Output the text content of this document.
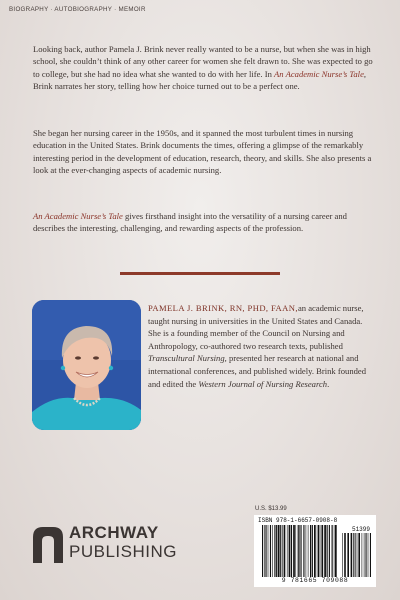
BIOGRAPHY · AUTOBIOGRAPHY · MEMOIR

Looking back, author Pamela J. Brink never really wanted to be a nurse, but when she was in high school, she couldn’t think of any other career for women she felt drawn to. She was expected to go to college, but she had no idea what she wanted to do with her life. In An Academic Nurse’s Tale, Brink narrates her story, telling how her choice turned out to be a perfect one.

She began her nursing career in the 1950s, and it spanned the most turbulent times in nursing education in the United States. Brink documents the times, offering a glimpse of the remarkably interesting period in the development of education, research, theory, and skills. She also presents a look at the ever-changing aspects of academic nursing.

An Academic Nurse’s Tale gives firsthand insight into the versatility of a nursing career and describes the interesting, challenging, and rewarding aspects of the profession.

PAMELA J. BRINK, RN, PHD, FAAN,an academic nurse, taught nursing in universities in the United States and Canada. She is a founding member of the Council on Nursing and Anthropology, co-authored two research texts, published Transcultural Nursing, presented her research at national and international conferences, and published widely. Brink founded and edited the Western Journal of Nursing Research.

ARCHWAY
PUBLISHING
U.S. $13.99
ISBN 978-1-6657-0908-8
51399
9 781665 709088
